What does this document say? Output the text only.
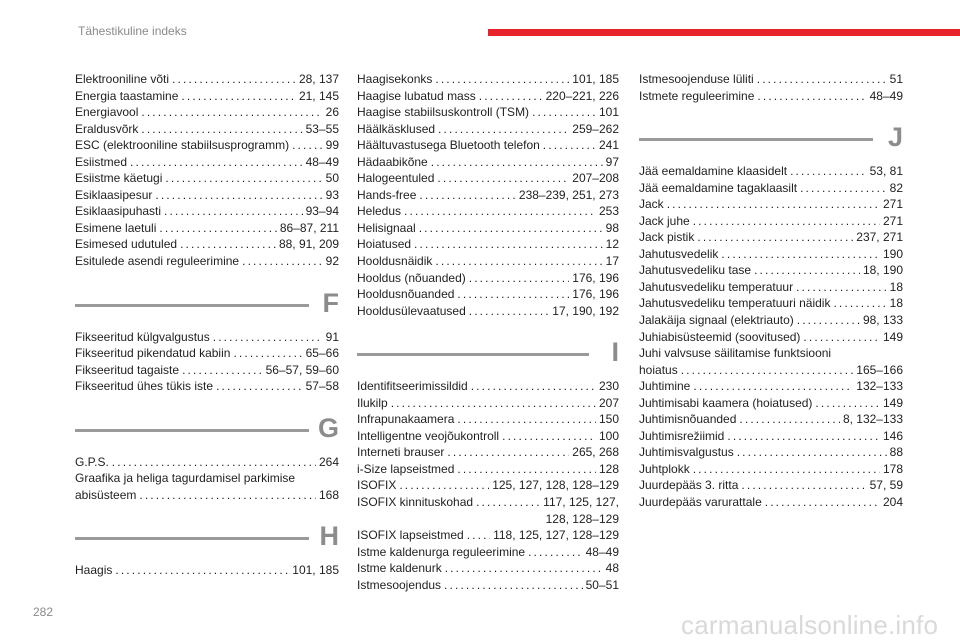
Tähestikuline indeks
Elektrooniline võti . . .	28, 137
Energia taastamine . . .	21, 145
Energiavool . . .	26
Eraldusvõrk . . .	53–55
ESC (elektrooniline stabiilsusprogramm) . . .	99
Esiistmed . . .	48–49
Esiistme käetugi . . .	50
Esiklaasipesur . . .	93
Esiklaasipuhasti . . .	93–94
Esimene laetuli . . .	86–87, 211
Esimesed udutuled . . .	88, 91, 209
Esitulede asendi reguleerimine . . .	92
F
Fikseeritud külgvalgustus . . .	91
Fikseeritud pikendatud kabiin . . .	65–66
Fikseeritud tagaiste . . .	56–57, 59–60
Fikseeritud ühes tükis iste . . .	57–58
G
G.P.S. . . .	264
Graafika ja heliga tagurdamisel parkimise
abisüsteem . . .	168
H
Haagis . . .	101, 185
Haagisekonks . . .	101, 185
Haagise lubatud mass . . .	220–221, 226
Haagise stabiilsuskontroll (TSM) . . .	101
Häälkäsklused . . .	259–262
Häältuvastusega Bluetooth telefon . . .	241
Hädaabikõne . . .	97
Halogeentuled . . .	207–208
Hands-free . . .	238–239, 251, 273
Heledus . . .	253
Helisignaal . . .	98
Hoiatused . . .	12
Hooldusnäidik . . .	17
Hooldus (nõuanded) . . .	176, 196
Hooldusnõuanded . . .	176, 196
Hooldusülevaatused . . .	17, 190, 192
I
Identifitseerimissildid . . .	230
Ilukilp . . .	207
Infrapunakaamera . . .	150
Intelligentne veojõukontroll . . .	100
Interneti brauser . . .	265, 268
i-Size lapseistmed . . .	128
ISOFIX . . .	125, 127, 128, 128–129
ISOFIX kinnituskohad . . .	117, 125, 127,
128, 128–129
ISOFIX lapseistmed . . . 118, 125, 127, 128–129
Istme kaldenurga reguleerimine . . .	48–49
Istme kaldenurk . . .	48
Istmesoojendus . . .	50–51
Istmesoojenduse lüliti . . .	51
Istmete reguleerimine . . .	48–49
J
Jää eemaldamine klaasidelt . . .	53, 81
Jää eemaldamine tagaklaasilt . . .	82
Jack . . .	271
Jack juhe . . .	271
Jack pistik . . .	237, 271
Jahutusvedelik . . .	190
Jahutusvedeliku tase . . .	18, 190
Jahutusvedeliku temperatuur . . .	18
Jahutusvedeliku temperatuuri näidik . . .	18
Jalakäija signaal (elektriauto) . . .	98, 133
Juhiabisüsteemid (soovitused) . . .	149
Juhi valvsuse säilitamise funktsiooni
hoiatus . . .	165–166
Juhtimine . . .	132–133
Juhtimisabi kaamera (hoiatused) . . .	149
Juhtimisnõuanded . . .	8, 132–133
Juhtimisrežiimid . . .	146
Juhtimisvalgustus . . .	88
Juhtplokk . . .	178
Juurdepääs 3. ritta . . .	57, 59
Juurdepääs varurattale . . .	204
282	carmanualsonline.info
